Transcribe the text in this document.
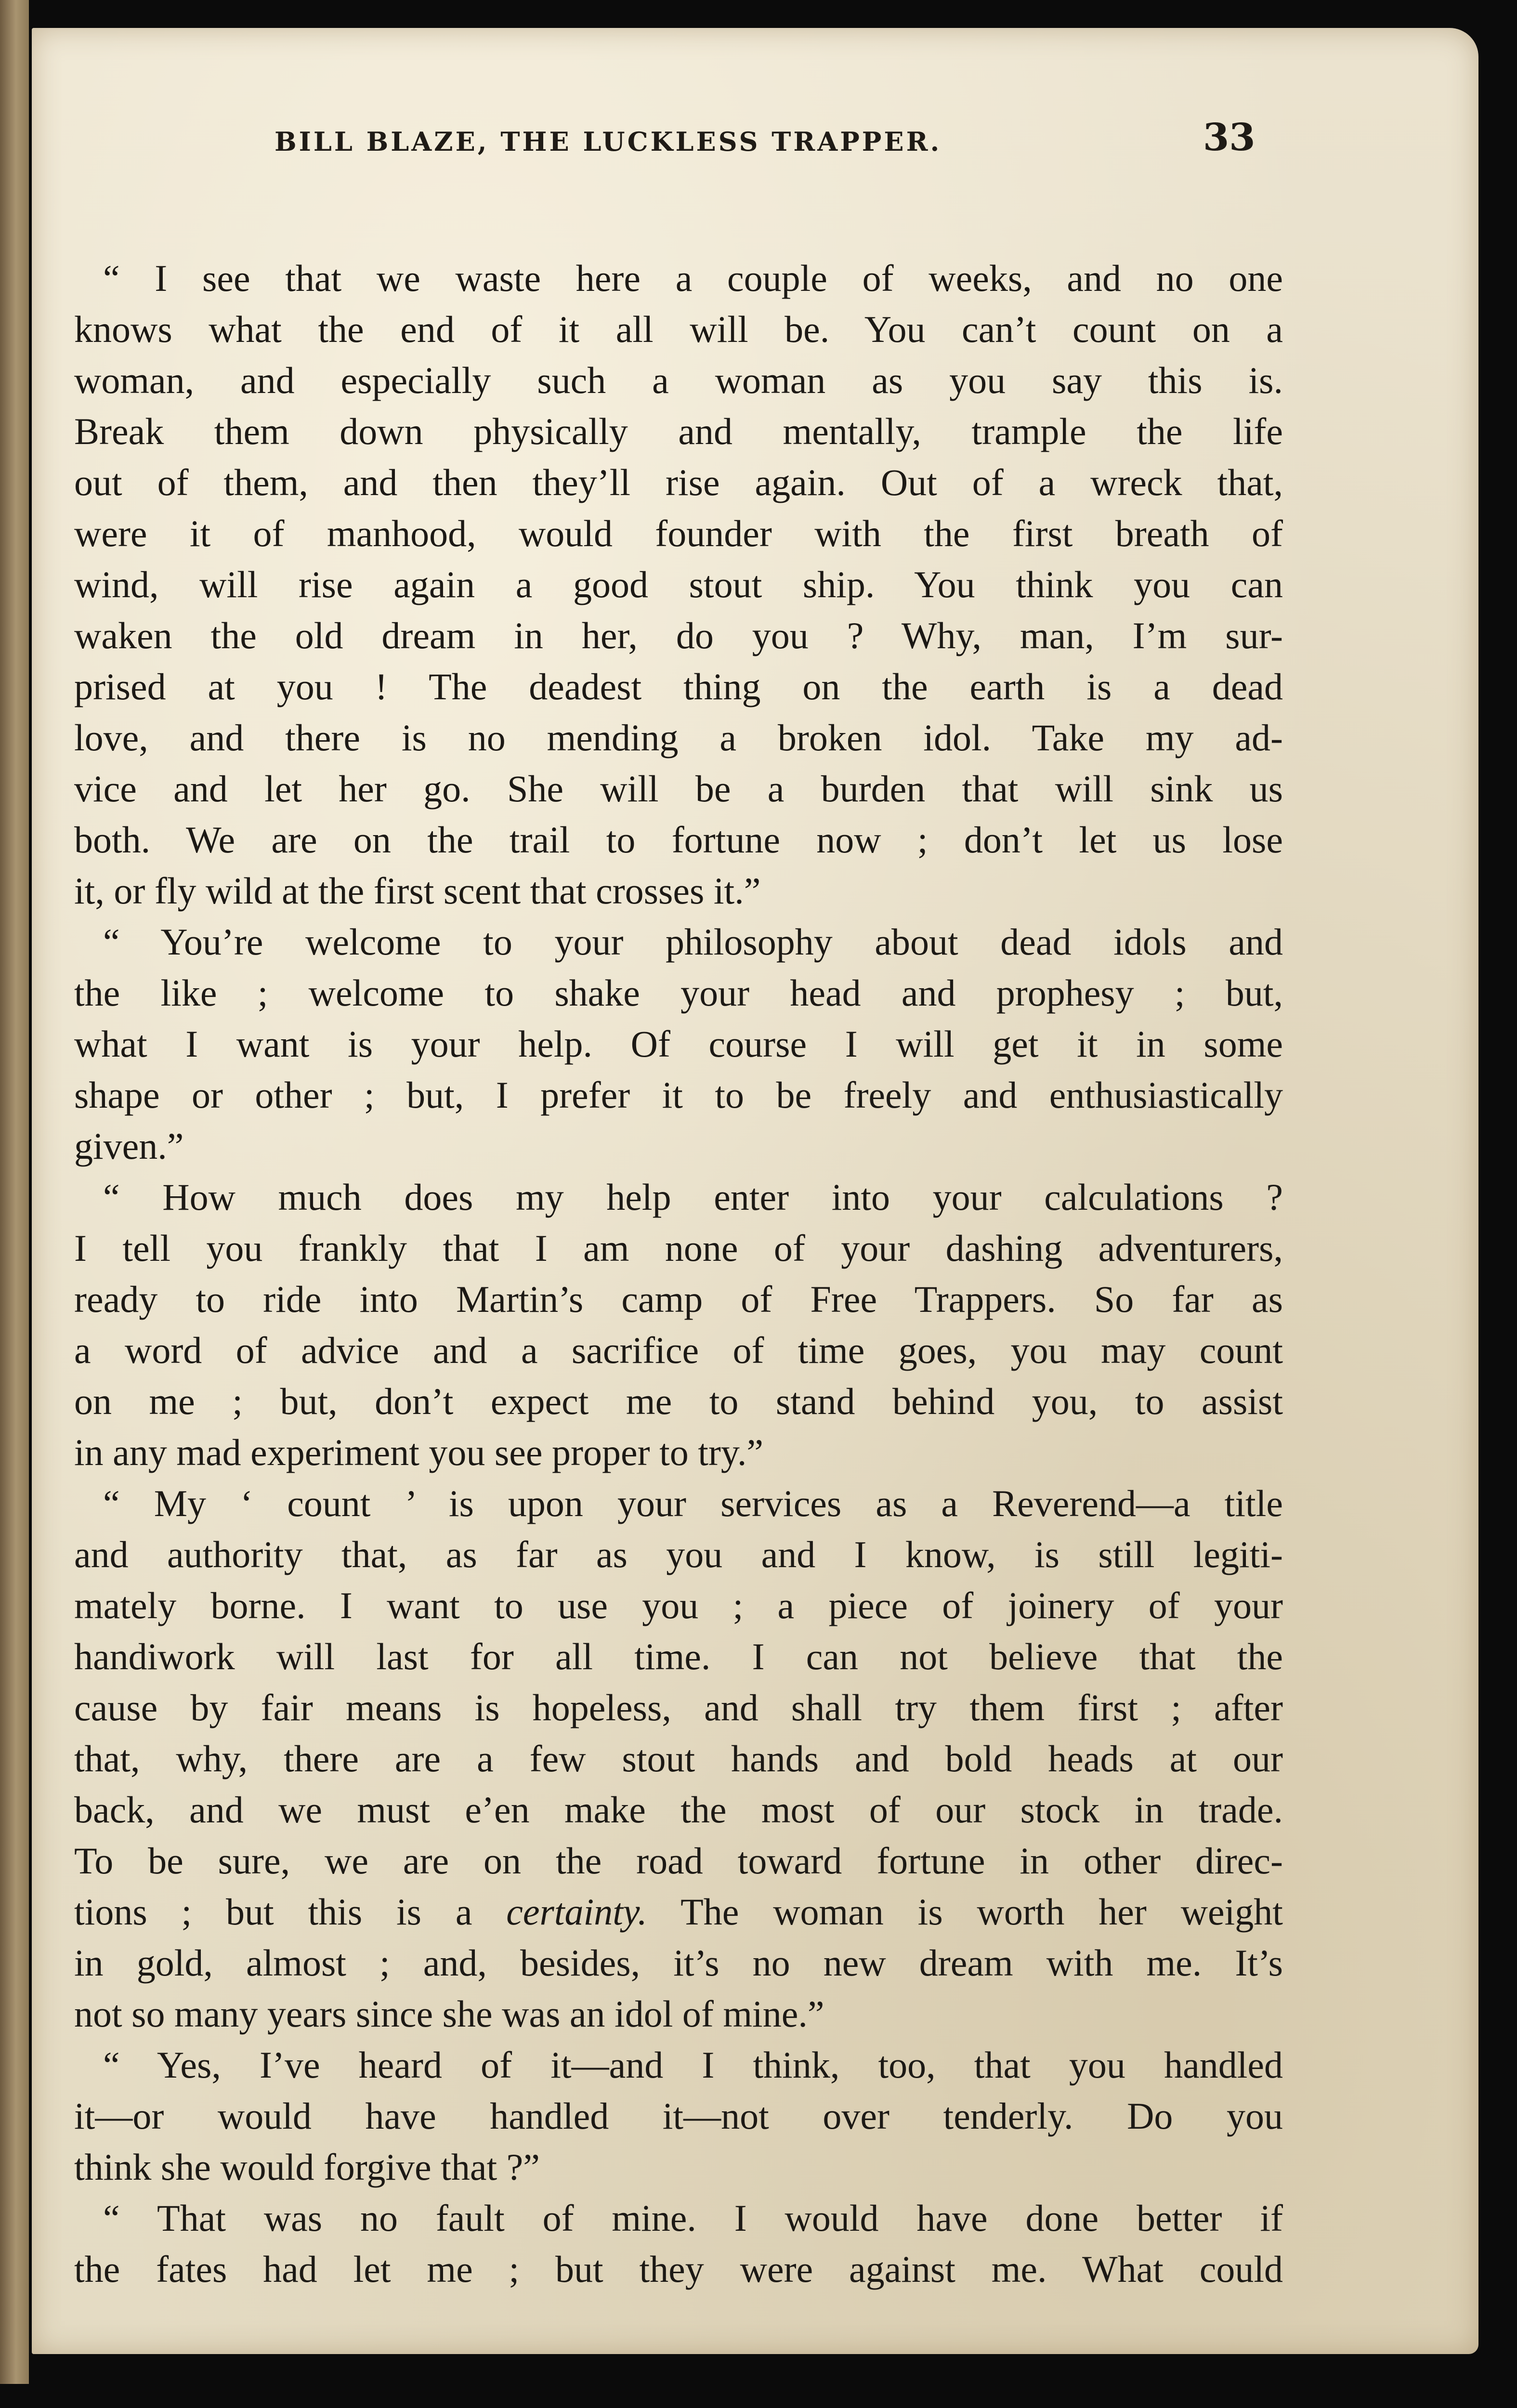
BILL BLAZE, THE LUCKLESS TRAPPER.	33
“ I see that we waste here a couple of weeks, and no one
knows what the end of it all will be. You can’t count on a
woman, and especially such a woman as you say this is.
Break them down physically and mentally, trample the life
out of them, and then they’ll rise again. Out of a wreck that,
were it of manhood, would founder with the first breath of
wind, will rise again a good stout ship. You think you can
waken the old dream in her, do you ? Why, man, I’m sur-
prised at you ! The deadest thing on the earth is a dead
love, and there is no mending a broken idol. Take my ad-
vice and let her go. She will be a burden that will sink us
both. We are on the trail to fortune now ; don’t let us lose
it, or fly wild at the first scent that crosses it.”
“ You’re welcome to your philosophy about dead idols and
the like ; welcome to shake your head and prophesy ; but,
what I want is your help. Of course I will get it in some
shape or other ; but, I prefer it to be freely and enthusiastically
given.”
“ How much does my help enter into your calculations ?
I tell you frankly that I am none of your dashing adventurers,
ready to ride into Martin’s camp of Free Trappers. So far as
a word of advice and a sacrifice of time goes, you may count
on me ; but, don’t expect me to stand behind you, to assist
in any mad experiment you see proper to try.”
“ My ‘ count ’ is upon your services as a Reverend—a title
and authority that, as far as you and I know, is still legiti-
mately borne. I want to use you ; a piece of joinery of your
handiwork will last for all time. I can not believe that the
cause by fair means is hopeless, and shall try them first ; after
that, why, there are a few stout hands and bold heads at our
back, and we must e’en make the most of our stock in trade.
To be sure, we are on the road toward fortune in other direc-
tions ; but this is a certainty. The woman is worth her weight
in gold, almost ; and, besides, it’s no new dream with me. It’s
not so many years since she was an idol of mine.”
“ Yes, I’ve heard of it—and I think, too, that you handled
it—or would have handled it—not over tenderly. Do you
think she would forgive that ?”
“ That was no fault of mine. I would have done better if
the fates had let me ; but they were against me. What could
